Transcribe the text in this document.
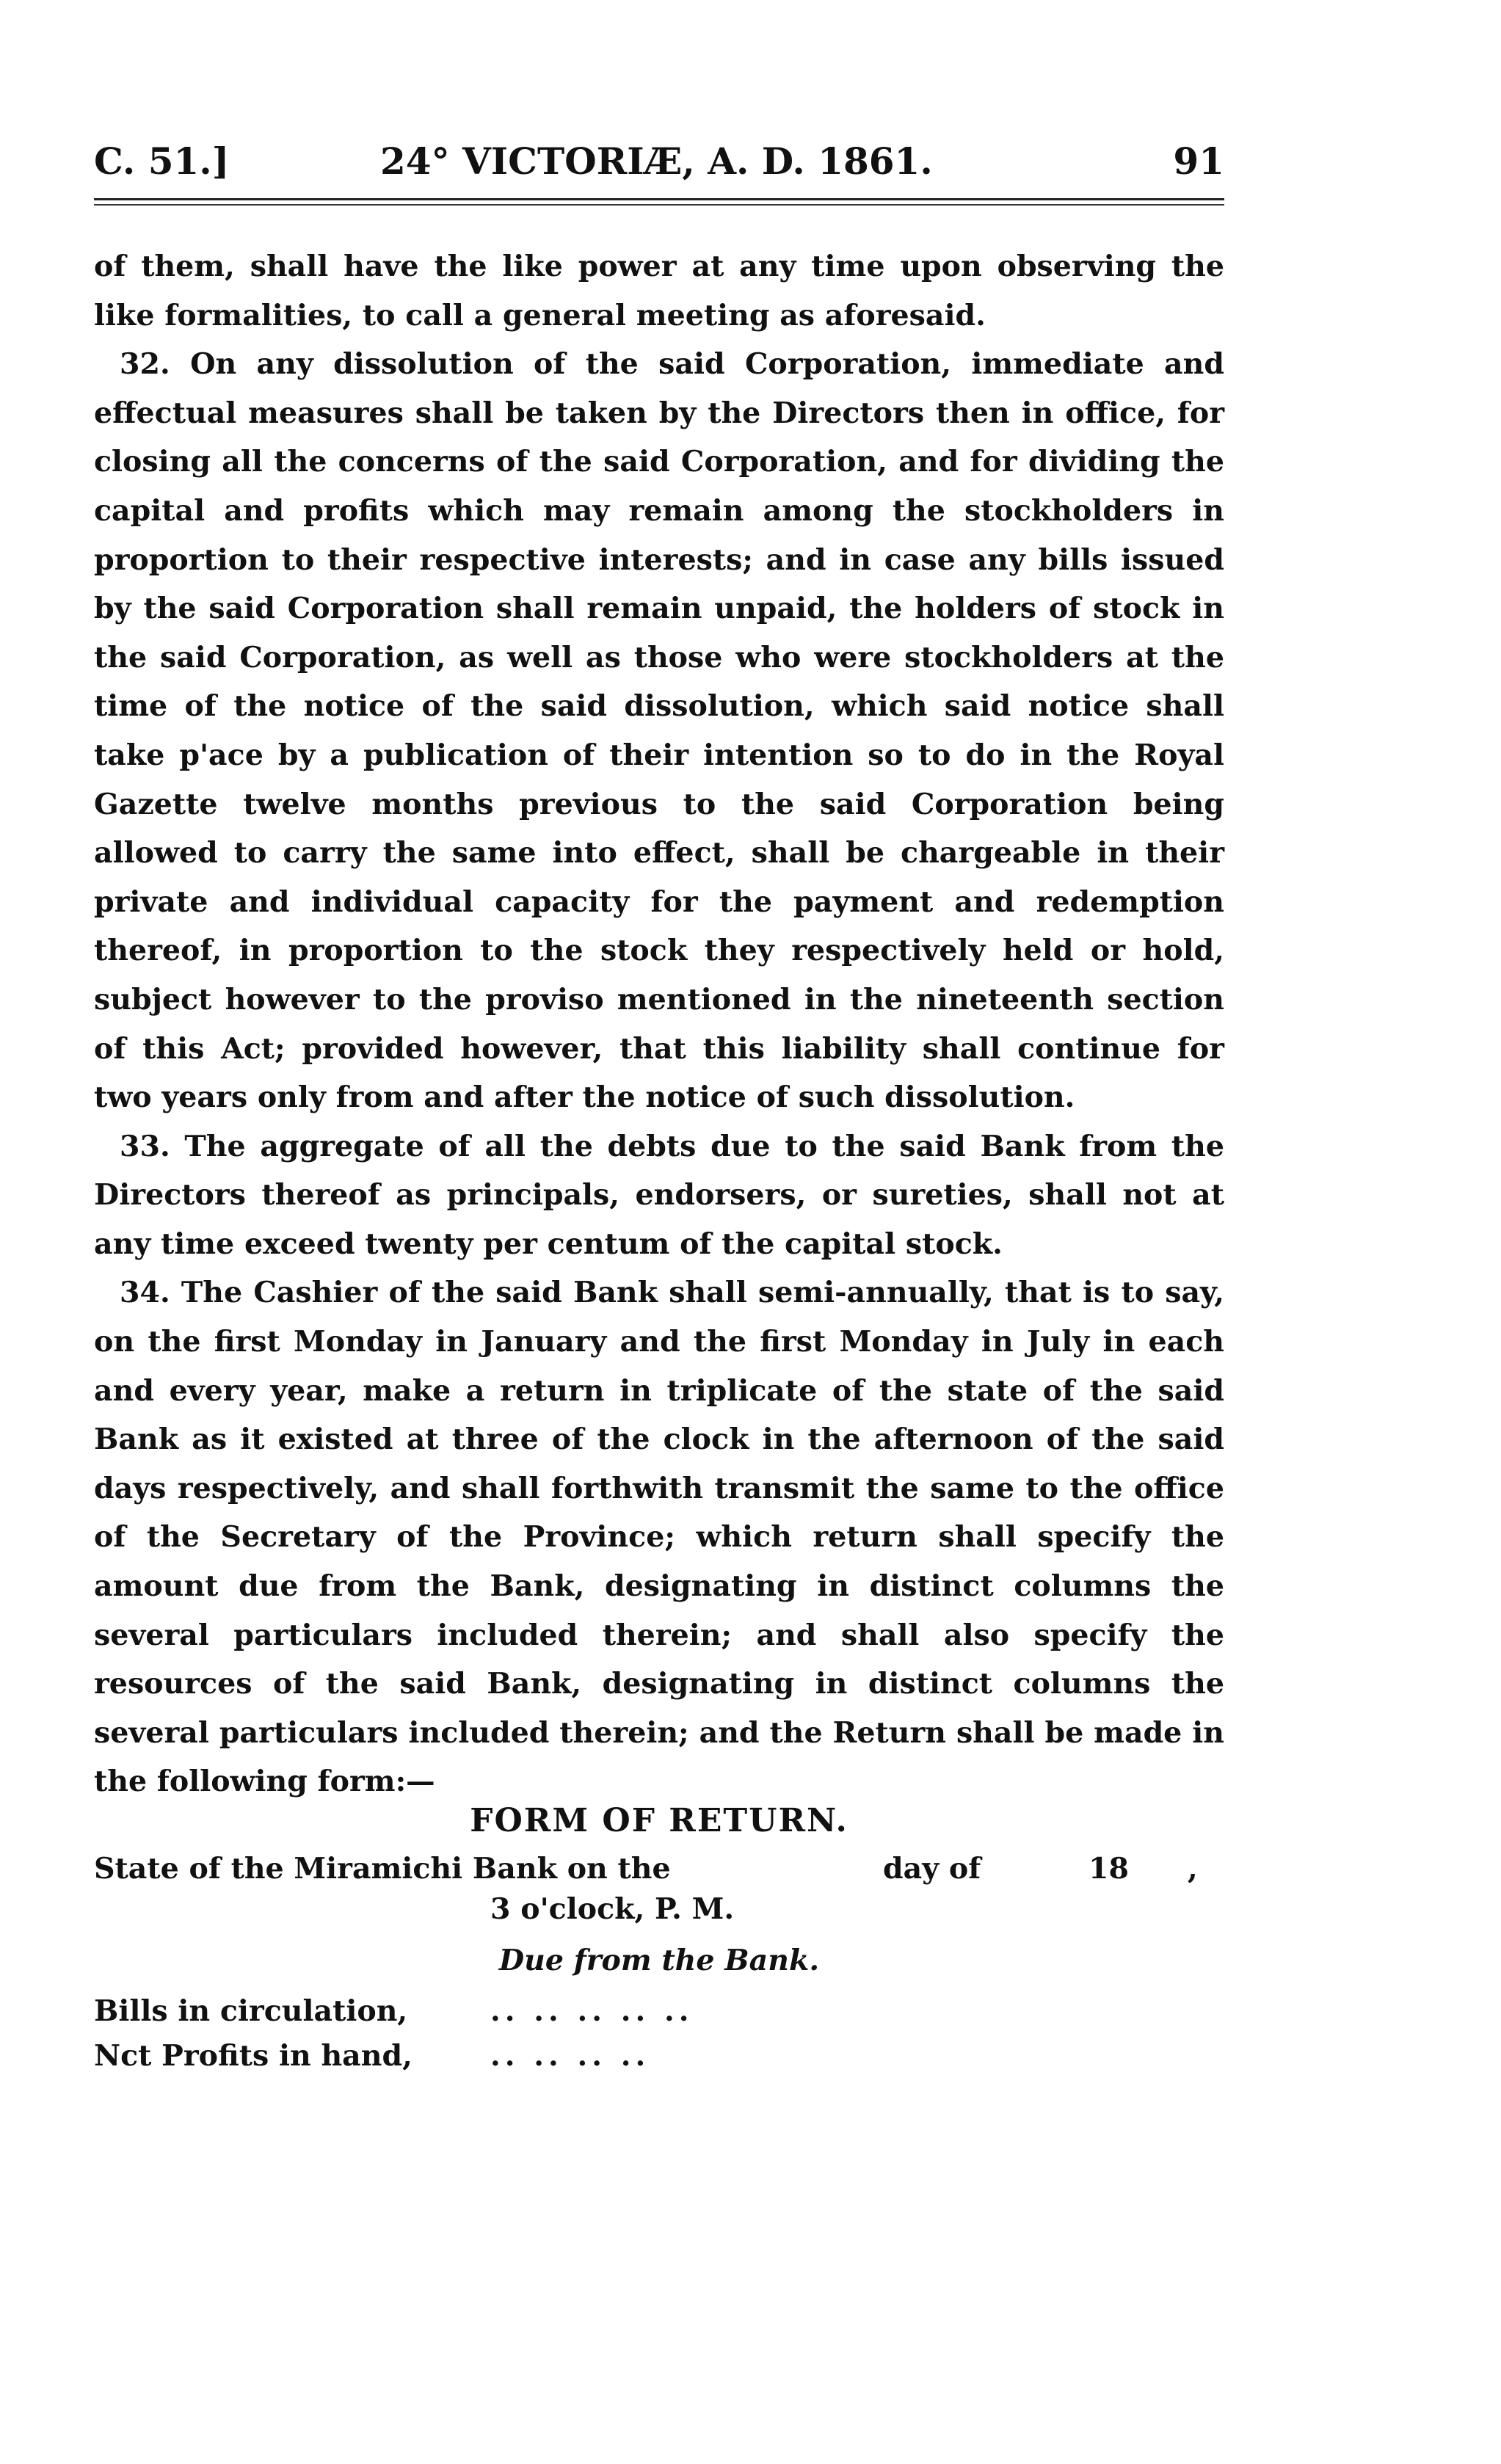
C. 51.]	24° VICTORIÆ, A. D. 1861.	91

of them, shall have the like power at any time upon observing the like formalities, to call a general meeting as aforesaid.

32. On any dissolution of the said Corporation, immediate and effectual measures shall be taken by the Directors then in office, for closing all the concerns of the said Corporation, and for dividing the capital and profits which may remain among the stockholders in proportion to their respective interests; and in case any bills issued by the said Corporation shall remain unpaid, the holders of stock in the said Corporation, as well as those who were stockholders at the time of the notice of the said dissolution, which said notice shall take p'ace by a publication of their intention so to do in the Royal Gazette twelve months previous to the said Corporation being allowed to carry the same into effect, shall be chargeable in their private and individual capacity for the payment and redemption thereof, in proportion to the stock they respectively held or hold, subject however to the proviso mentioned in the nineteenth section of this Act; provided however, that this liability shall continue for two years only from and after the notice of such dissolution.

33. The aggregate of all the debts due to the said Bank from the Directors thereof as principals, endorsers, or sureties, shall not at any time exceed twenty per centum of the capital stock.

34. The Cashier of the said Bank shall semi-annually, that is to say, on the first Monday in January and the first Monday in July in each and every year, make a return in triplicate of the state of the said Bank as it existed at three of the clock in the afternoon of the said days respectively, and shall forthwith transmit the same to the office of the Secretary of the Province; which return shall specify the amount due from the Bank, designating in distinct columns the several particulars included therein; and shall also specify the resources of the said Bank, designating in distinct columns the several particulars included therein; and the Return shall be made in the following form:—

FORM OF RETURN.
State of the Miramichi Bank on the	day of	18 ,
3 o'clock, P. M.
Due from the Bank.
Bills in circulation,	.. .. .. .. ..
Nct Profits in hand,	.. .. .. ..
